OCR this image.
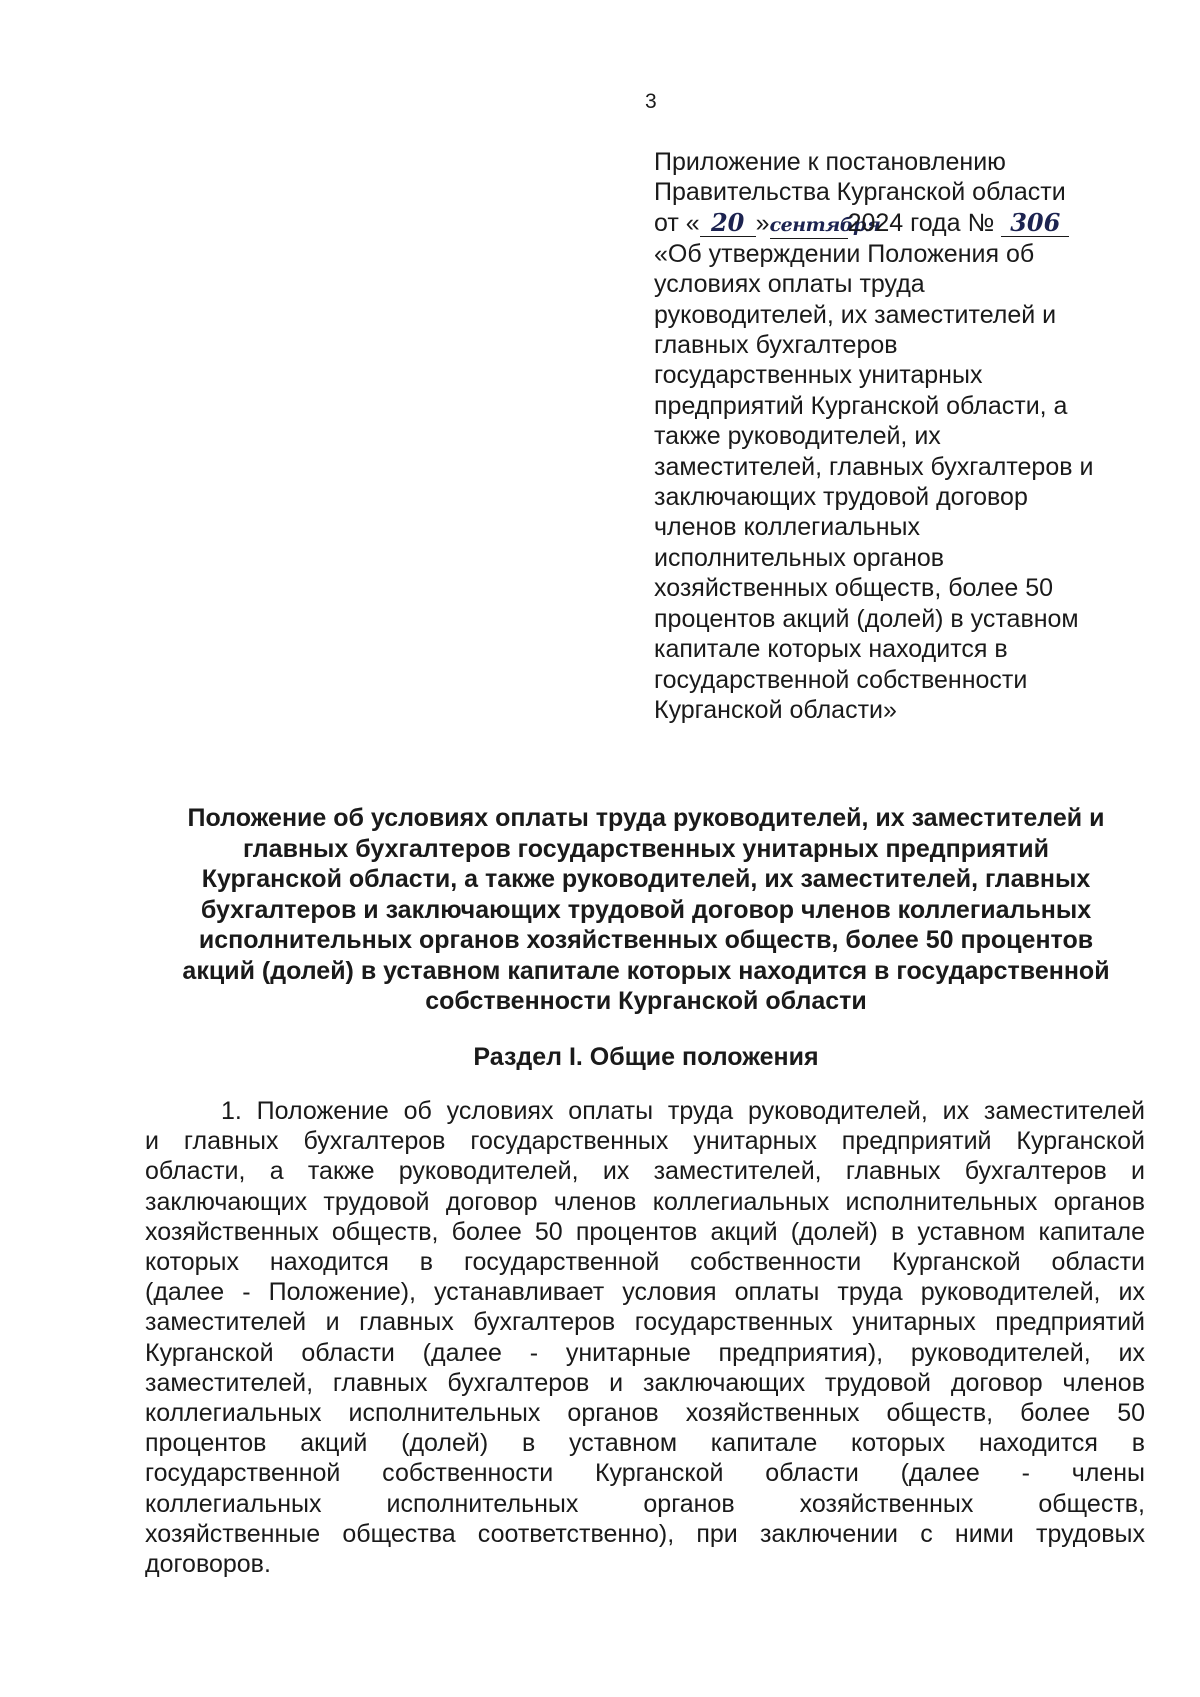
3
Приложение к постановлению
Правительства Курганской области
от « 20 »сентября2024 года № 306
«Об утверждении Положения об
условиях оплаты труда
руководителей, их заместителей и
главных бухгалтеров
государственных унитарных
предприятий Курганской области, а
также руководителей, их
заместителей, главных бухгалтеров и
заключающих трудовой договор
членов коллегиальных
исполнительных органов
хозяйственных обществ, более 50
процентов акций (долей) в уставном
капитале которых находится в
государственной собственности
Курганской области»
Положение об условиях оплаты труда руководителей, их заместителей и
главных бухгалтеров государственных унитарных предприятий
Курганской области, а также руководителей, их заместителей, главных
бухгалтеров и заключающих трудовой договор членов коллегиальных
исполнительных органов хозяйственных обществ, более 50 процентов
акций (долей) в уставном капитале которых находится в государственной
собственности Курганской области
Раздел I. Общие положения
1. Положение об условиях оплаты труда руководителей, их заместителей
и главных бухгалтеров государственных унитарных предприятий Курганской
области, а также руководителей, их заместителей, главных бухгалтеров и
заключающих трудовой договор членов коллегиальных исполнительных органов
хозяйственных обществ, более 50 процентов акций (долей) в уставном капитале
которых находится в государственной собственности Курганской области
(далее - Положение), устанавливает условия оплаты труда руководителей, их
заместителей и главных бухгалтеров государственных унитарных предприятий
Курганской области (далее - унитарные предприятия), руководителей, их
заместителей, главных бухгалтеров и заключающих трудовой договор членов
коллегиальных исполнительных органов хозяйственных обществ, более 50
процентов акций (долей) в уставном капитале которых находится в
государственной собственности Курганской области (далее - члены
коллегиальных исполнительных органов хозяйственных обществ,
хозяйственные общества соответственно), при заключении с ними трудовых
договоров.
